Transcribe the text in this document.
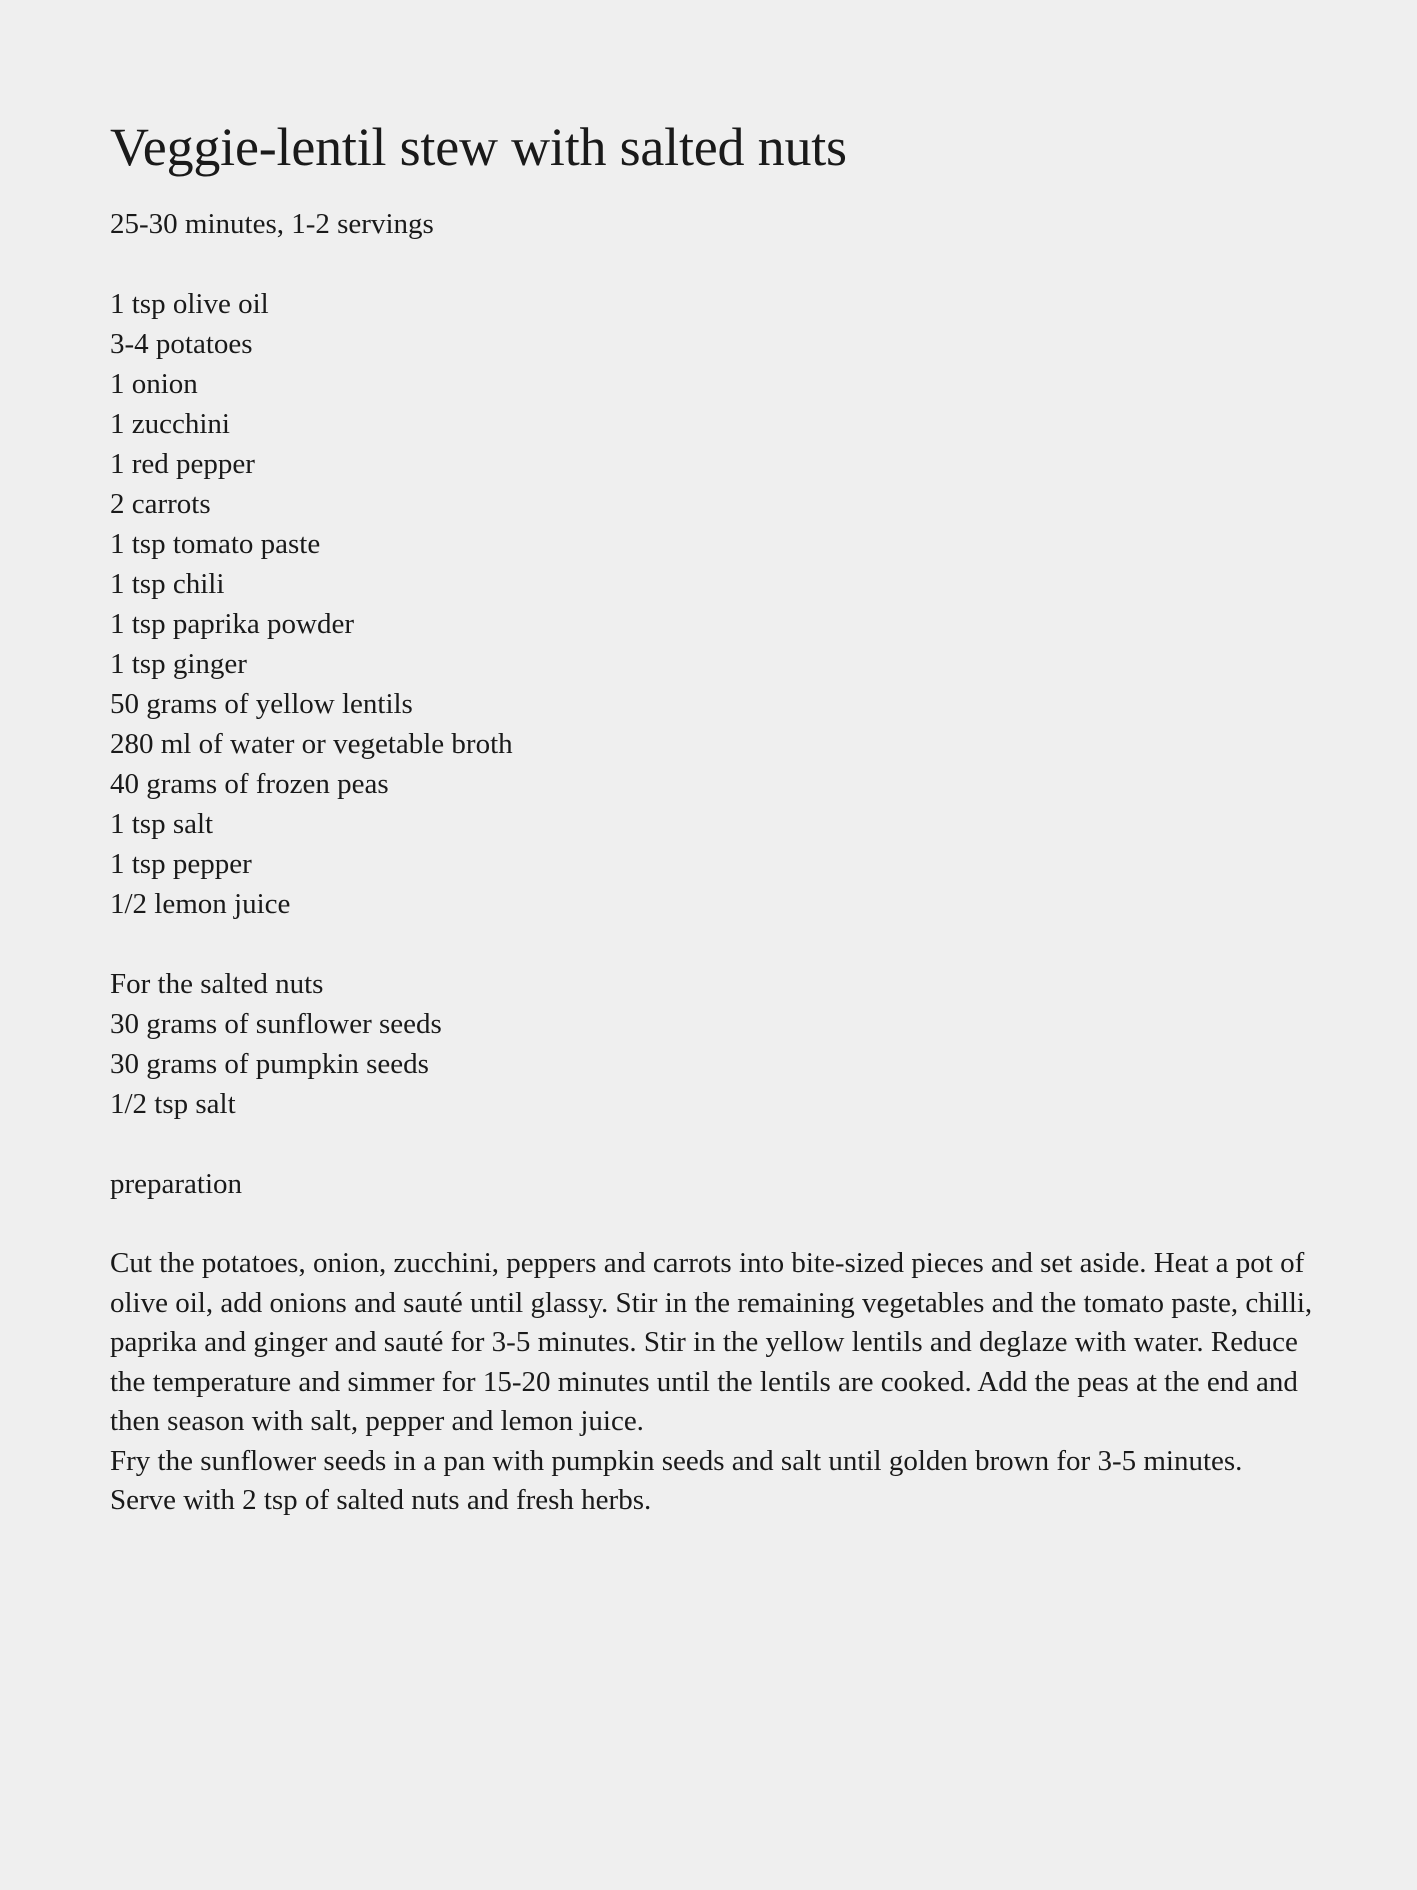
Veggie-lentil stew with salted nuts

25-30 minutes, 1-2 servings

1 tsp olive oil
3-4 potatoes
1 onion
1 zucchini
1 red pepper
2 carrots
1 tsp tomato paste
1 tsp chili
1 tsp paprika powder
1 tsp ginger
50 grams of yellow lentils
280 ml of water or vegetable broth
40 grams of frozen peas
1 tsp salt
1 tsp pepper
1/2 lemon juice
For the salted nuts
30 grams of sunflower seeds
30 grams of pumpkin seeds
1/2 tsp salt

preparation

Cut the potatoes, onion, zucchini, peppers and carrots into bite-sized pieces and set aside. Heat a pot of olive oil, add onions and sauté until glassy. Stir in the remaining vegetables and the tomato paste, chilli, paprika and ginger and sauté for 3-5 minutes. Stir in the yellow lentils and deglaze with water. Reduce the temperature and simmer for 15-20 minutes until the lentils are cooked. Add the peas at the end and then season with salt, pepper and lemon juice.

Fry the sunflower seeds in a pan with pumpkin seeds and salt until golden brown for 3-5 minutes.

Serve with 2 tsp of salted nuts and fresh herbs.
